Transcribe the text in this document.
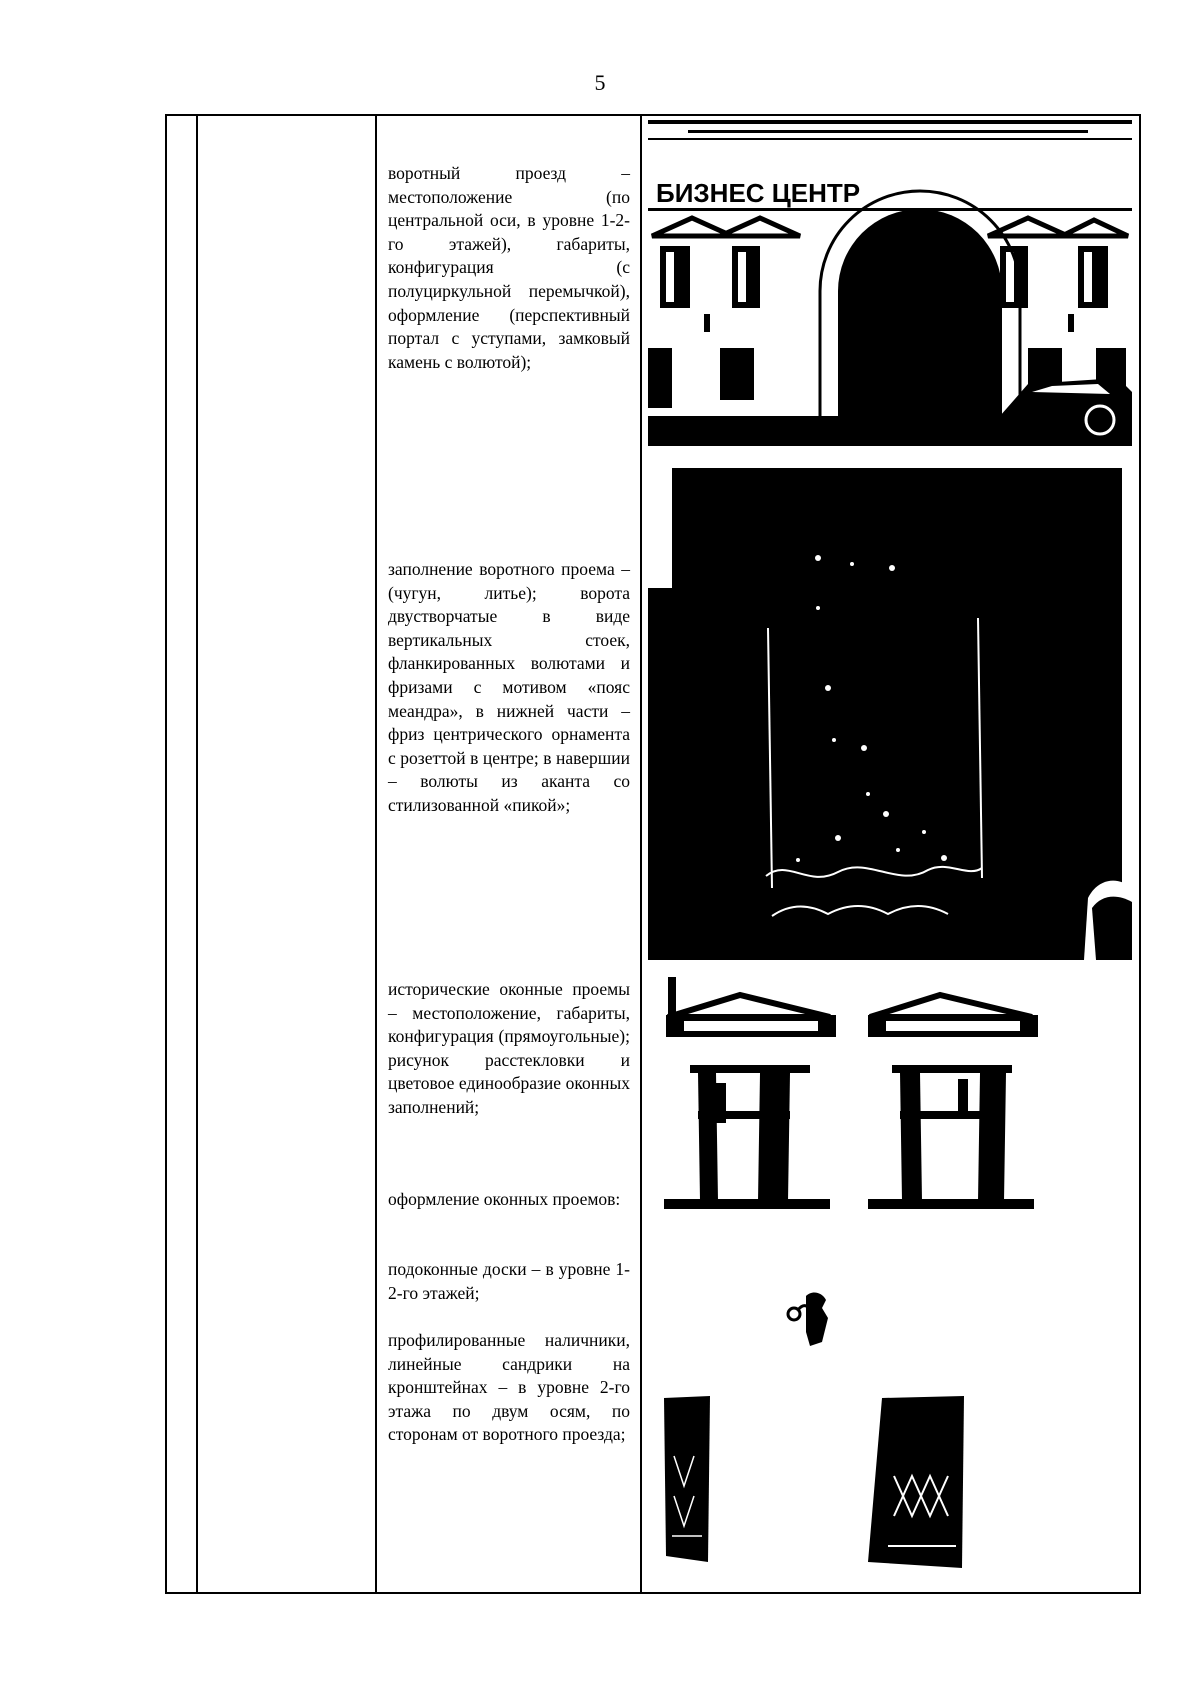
5
воротный проезд – местоположение (по центральной оси, в уровне 1-2-го этажей), габариты, конфигурация (с полуциркульной перемычкой), оформление (перспективный портал с уступами, замковый камень с волютой);
заполнение воротного проема – (чугун, литье); ворота двустворчатые в виде вертикальных стоек, фланкированных волютами и фризами с мотивом «пояс меандра», в нижней части – фриз центрического орнамента с розеттой в центре; в навершии – волюты из аканта со стилизованной «пикой»;
исторические оконные проемы – местоположение, габариты, конфигурация (прямоугольные); рисунок расстекловки и цветовое единообразие оконных заполнений;
оформление оконных проемов:
подоконные доски – в уровне 1-2-го этажей;
профилированные наличники, линейные сандрики на кронштейнах – в уровне 2-го этажа по двум осям, по сторонам от воротного проезда;
БИЗНЕС ЦЕНТР
